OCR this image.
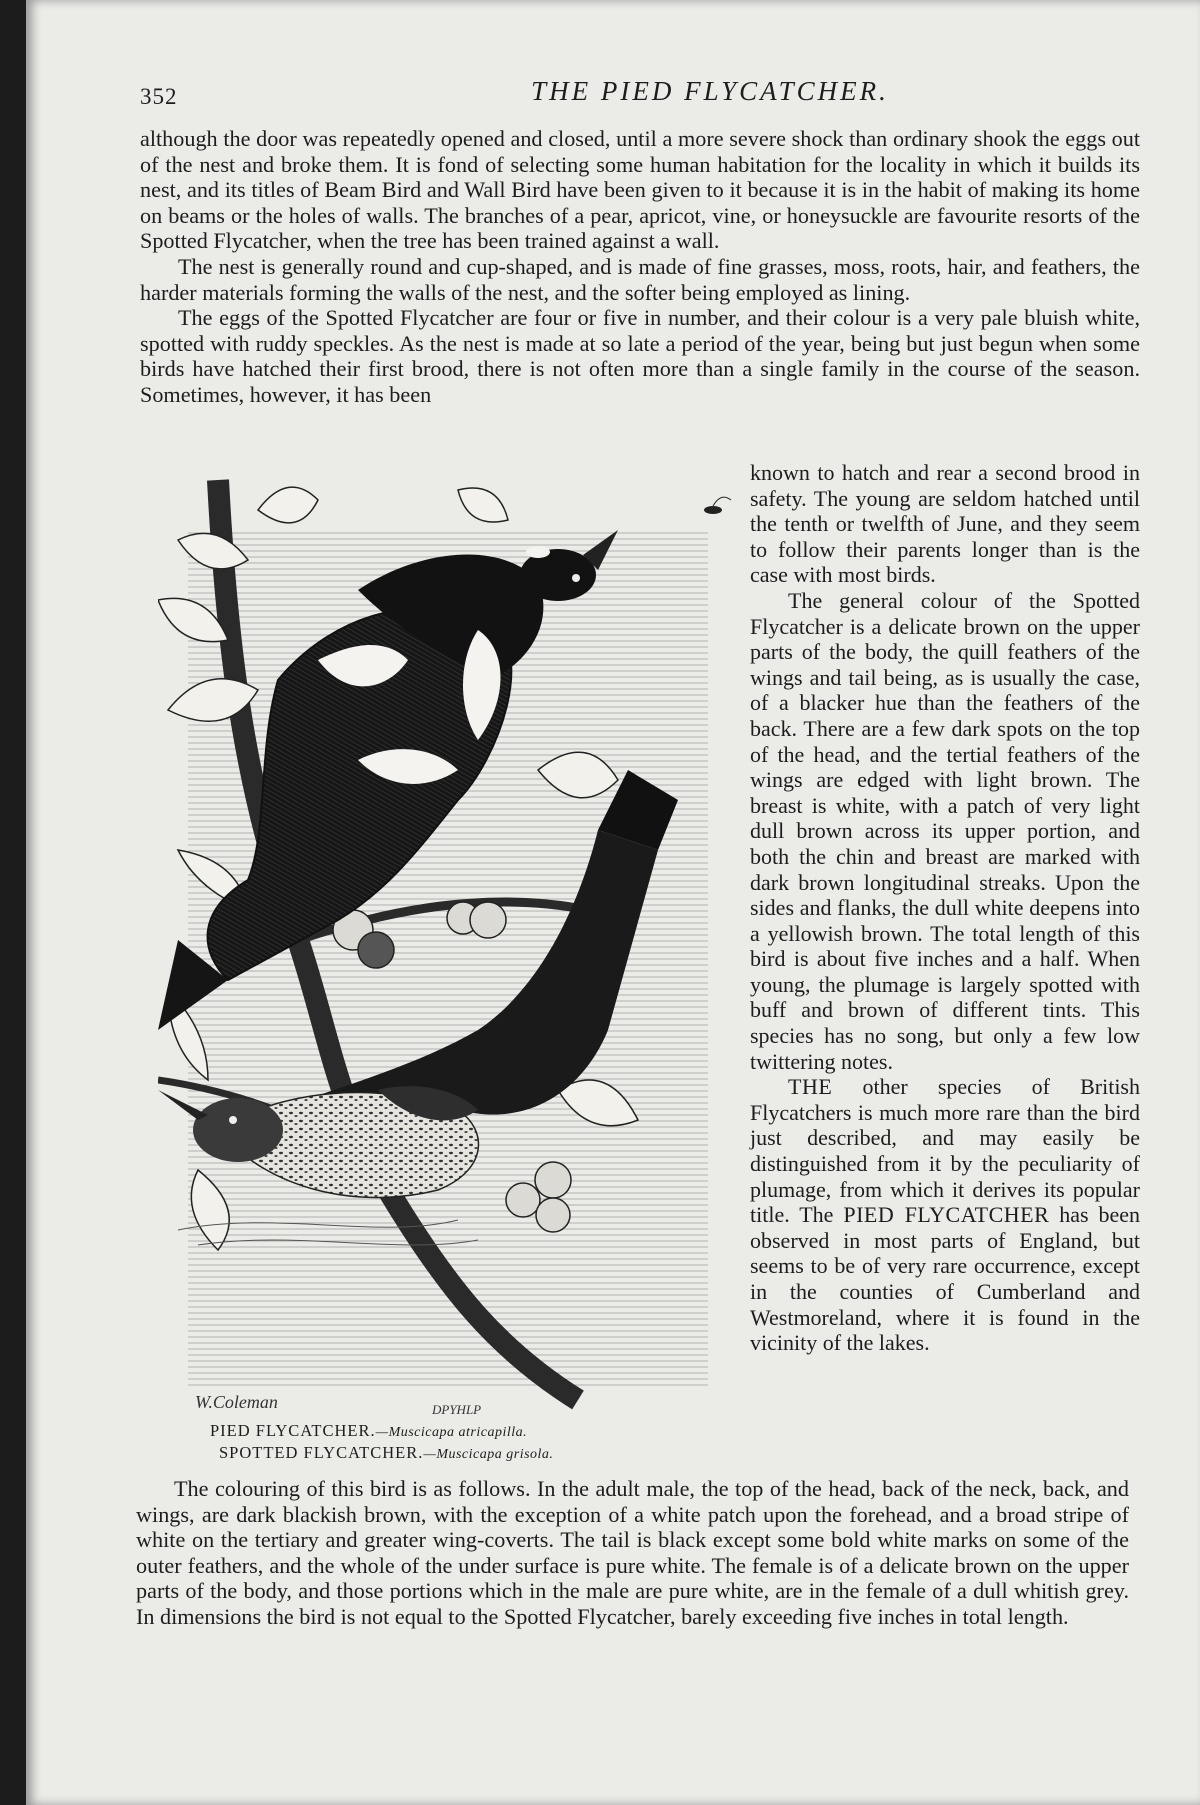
352	THE PIED FLYCATCHER.

although the door was repeatedly opened and closed, until a more severe shock than ordinary shook the eggs out of the nest and broke them. It is fond of selecting some human habitation for the locality in which it builds its nest, and its titles of Beam Bird and Wall Bird have been given to it because it is in the habit of making its home on beams or the holes of walls. The branches of a pear, apricot, vine, or honeysuckle are favourite resorts of the Spotted Flycatcher, when the tree has been trained against a wall.

The nest is generally round and cup-shaped, and is made of fine grasses, moss, roots, hair, and feathers, the harder materials forming the walls of the nest, and the softer being employed as lining.

The eggs of the Spotted Flycatcher are four or five in number, and their colour is a very pale bluish white, spotted with ruddy speckles. As the nest is made at so late a period of the year, being but just begun when some birds have hatched their first brood, there is not often more than a single family in the course of the season. Sometimes, however, it has been

W.Coleman	DPYHLP
PIED FLYCATCHER.—Muscicapa atricapilla.
SPOTTED FLYCATCHER.—Muscicapa grisola.

known to hatch and rear a second brood in safety. The young are seldom hatched until the tenth or twelfth of June, and they seem to follow their parents longer than is the case with most birds.

The general colour of the Spotted Flycatcher is a delicate brown on the upper parts of the body, the quill feathers of the wings and tail being, as is usually the case, of a blacker hue than the feathers of the back. There are a few dark spots on the top of the head, and the tertial feathers of the wings are edged with light brown. The breast is white, with a patch of very light dull brown across its upper portion, and both the chin and breast are marked with dark brown longitudinal streaks. Upon the sides and flanks, the dull white deepens into a yellowish brown. The total length of this bird is about five inches and a half. When young, the plumage is largely spotted with buff and brown of different tints. This species has no song, but only a few low twittering notes.

THE other species of British Flycatchers is much more rare than the bird just described, and may easily be distinguished from it by the peculiarity of plumage, from which it derives its popular title. The PIED FLYCATCHER has been observed in most parts of England, but seems to be of very rare occurrence, except in the counties of Cumberland and Westmoreland, where it is found in the vicinity of the lakes.

The colouring of this bird is as follows. In the adult male, the top of the head, back of the neck, back, and wings, are dark blackish brown, with the exception of a white patch upon the forehead, and a broad stripe of white on the tertiary and greater wing-coverts. The tail is black except some bold white marks on some of the outer feathers, and the whole of the under surface is pure white. The female is of a delicate brown on the upper parts of the body, and those portions which in the male are pure white, are in the female of a dull whitish grey. In dimensions the bird is not equal to the Spotted Flycatcher, barely exceeding five inches in total length.
